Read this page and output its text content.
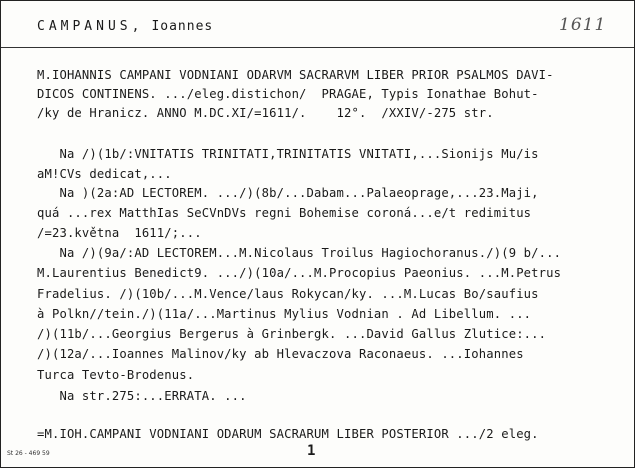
CAMPANUS, Ioannes	1611
M.IOHANNIS CAMPANI VODNIANI ODARVM SACRARVM LIBER PRIOR PSALMOS DAVI-
DICOS CONTINENS. .../eleg.distichon/  PRAGAE, Typis Ionathae Bohut-
/ky de Hranicz. ANNO M.DC.XI/=1611/.    12°.  /XXIV/-275 str.
Na /)(1b/:VNITATIS TRINITATI,TRINITATIS VNITATI,...Sionijs Mu/is
aM!CVs dedicat,...
Na )(2a:AD LECTOREM. .../)(8b/...Dabam...Palaeoprage,...23.Maji,
quá ...rex MatthIas SeCVnDVs regni Bohemise coroná...e/t redimitus
/=23.května  1611/;...
Na /)(9a/:AD LECTOREM...M.Nicolaus Troilus Hagiochoranus./)(9 b/...
M.Laurentius Benedict9. .../)(10a/...M.Procopius Paeonius. ...M.Petrus
Fradelius. /)(10b/...M.Vence/laus Rokycan/ky. ...M.Lucas Bo/saufius
à Polkn//tein./)(11a/...Martinus Mylius Vodnian . Ad Libellum. ...
/)(11b/...Georgius Bergerus à Grinbergk. ...David Gallus Zlutice:...
/)(12a/...Ioannes Malinov/ky ab Hlevaczova Raconaeus. ...Iohannes
Turca Tevto-Brodenus.
Na str.275:...ERRATA. ...
=M.IOH.CAMPANI VODNIANI ODARUM SACRARUM LIBER POSTERIOR .../2 eleg.
1
St 26 - 469 59
